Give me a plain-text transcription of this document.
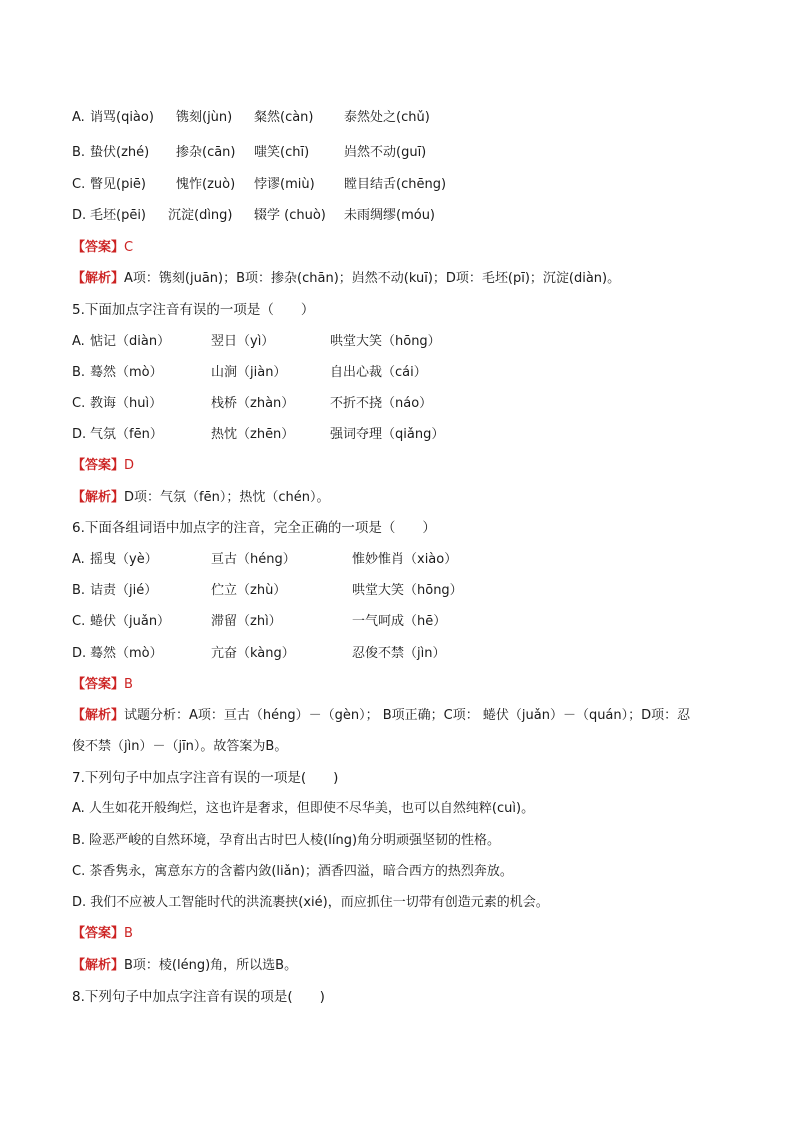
A. 诮骂(qiào) 镌刻(jùn) 粲然(càn) 泰然处之(chǔ)
B. 蛰伏(zhé) 掺杂(cān) 嗤笑(chī)	岿然不动(guī)
C. 瞥见(piē) 愧怍(zuò) 悖谬(miù) 瞠目结舌(chēng)
D. 毛坯(pēi) 沉淀(dìng) 辍学 (chuò) 未雨绸缪(móu)
【答案】C
【解析】A项：镌刻(juān)；B项：掺杂(chān)；岿然不动(kuī)；D项：毛坯(pī)；沉淀(diàn)。
5.下面加点字注音有误的一项是（　　）
A. 惦记（diàn）	翌日（yì）	哄堂大笑（hōng）
B. 蓦然（mò）	山涧（jiàn）	自出心裁（cái）
C. 教诲（huì）	栈桥（zhàn）	不折不挠（náo）
D. 气氛（fēn）	热忱（zhēn）	强词夺理（qiǎng）
【答案】D
【解析】D项：气氛（fēn）；热忱（chén）。
6.下面各组词语中加点字的注音，完全正确的一项是（　　）
A. 摇曳（yè）	亘古（héng）	惟妙惟肖（xiào）
B. 诘责（jié）	伫立（zhù）	哄堂大笑（hōng）
C. 蜷伏（juǎn）	滞留（zhì）	一气呵成（hē）
D. 蓦然（mò）	亢奋（kàng）	忍俊不禁（jìn）
【答案】B
【解析】试题分析：A项：亘古（héng）－（gèn）； B项正确；C项： 蜷伏（juǎn）－（quán）；D项：忍
俊不禁（jìn）－（jīn）。故答案为B。
7.下列句子中加点字注音有误的一项是(　　)
A. 人生如花开般绚烂，这也许是奢求，但即使不尽华美，也可以自然纯粹(cuì)。
B. 险恶严峻的自然环境，孕育出古时巴人棱(líng)角分明顽强坚韧的性格。
C. 茶香隽永，寓意东方的含蓄内敛(liǎn)；酒香四溢，暗合西方的热烈奔放。
D. 我们不应被人工智能时代的洪流裹挟(xié)，而应抓住一切带有创造元素的机会。
【答案】B
【解析】B项：棱(léng)角，所以选B。
8.下列句子中加点字注音有误的项是(　　)
